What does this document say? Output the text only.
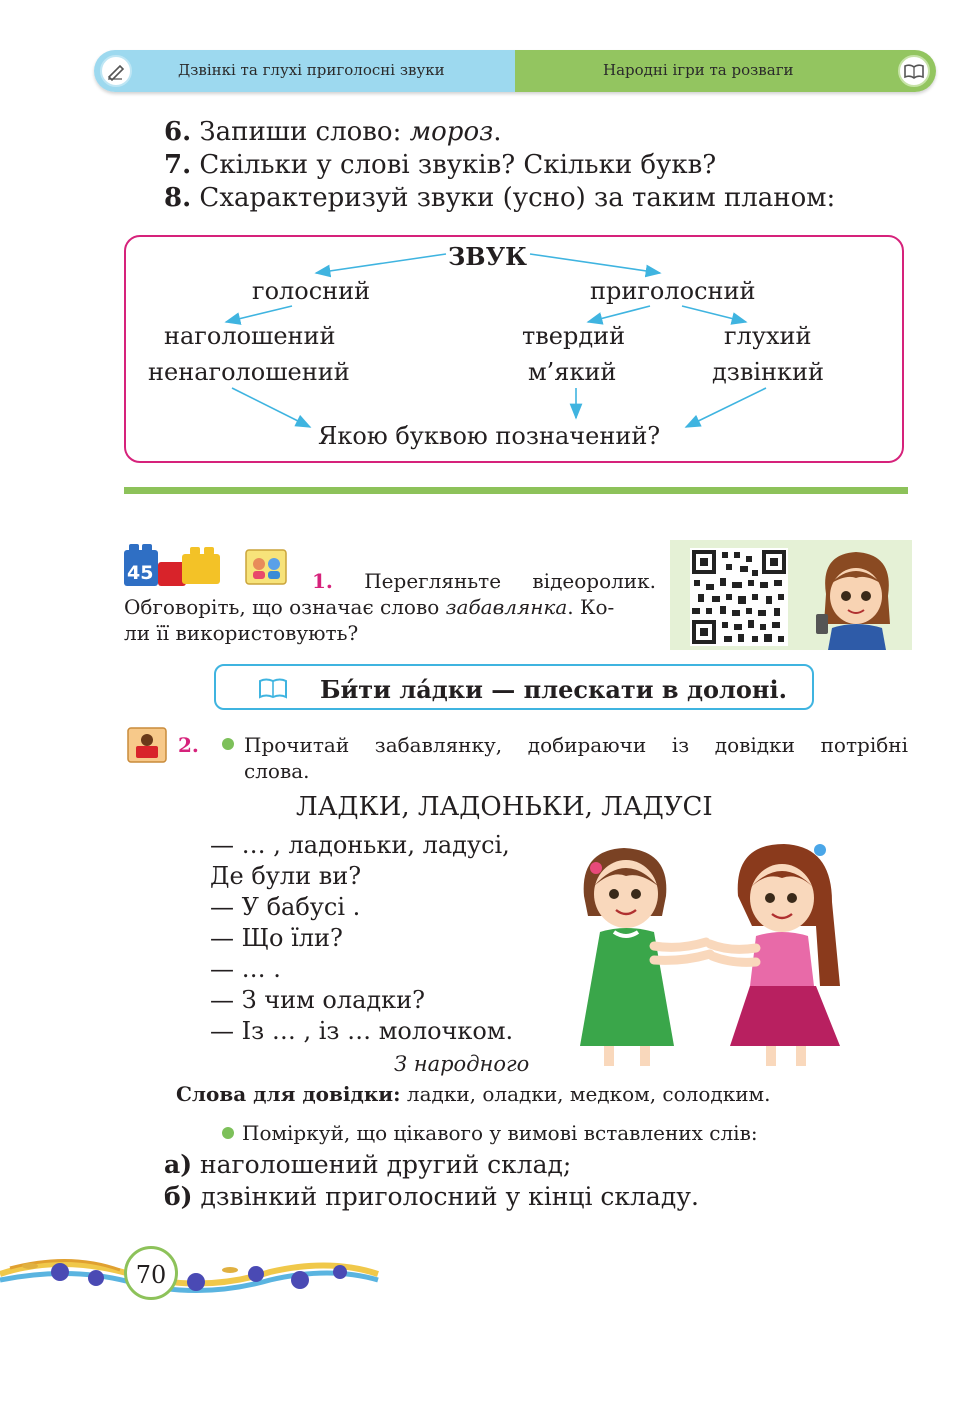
Дзвінкі та глухі приголосні звуки	Народні ігри та розваги
6. Запиши слово: мороз.
7. Скільки у слові звуків? Скільки букв?
8. Схарактеризуй звуки (усно) за таким планом:
ЗВУК
голосний	приголосний
наголошений
ненаголошений
твердий
м’який
глухий
дзвінкий
Якою буквою позначений?
45	1. Перегляньте відеоролик.
Обговоріть, що означає слово забавлянка. Ко-
ли її використовують?
Би́ти ла́дки — плескати в долоні.
2. Прочитай забавлянку, добираючи із довідки потрібні
слова.
ЛАДКИ, ЛАДОНЬКИ, ЛАДУСІ
— … , ладоньки, ладусі,
Де були ви?
— У бабусі .
— Що їли?
— … .
— З чим оладки?
— Із … , із … молочком.
З народного
Слова для довідки: ладки, оладки, медком, солодким.
Поміркуй, що цікавого у вимові вставлених слів:
а) наголошений другий склад;
б) дзвінкий приголосний у кінці складу.
70
